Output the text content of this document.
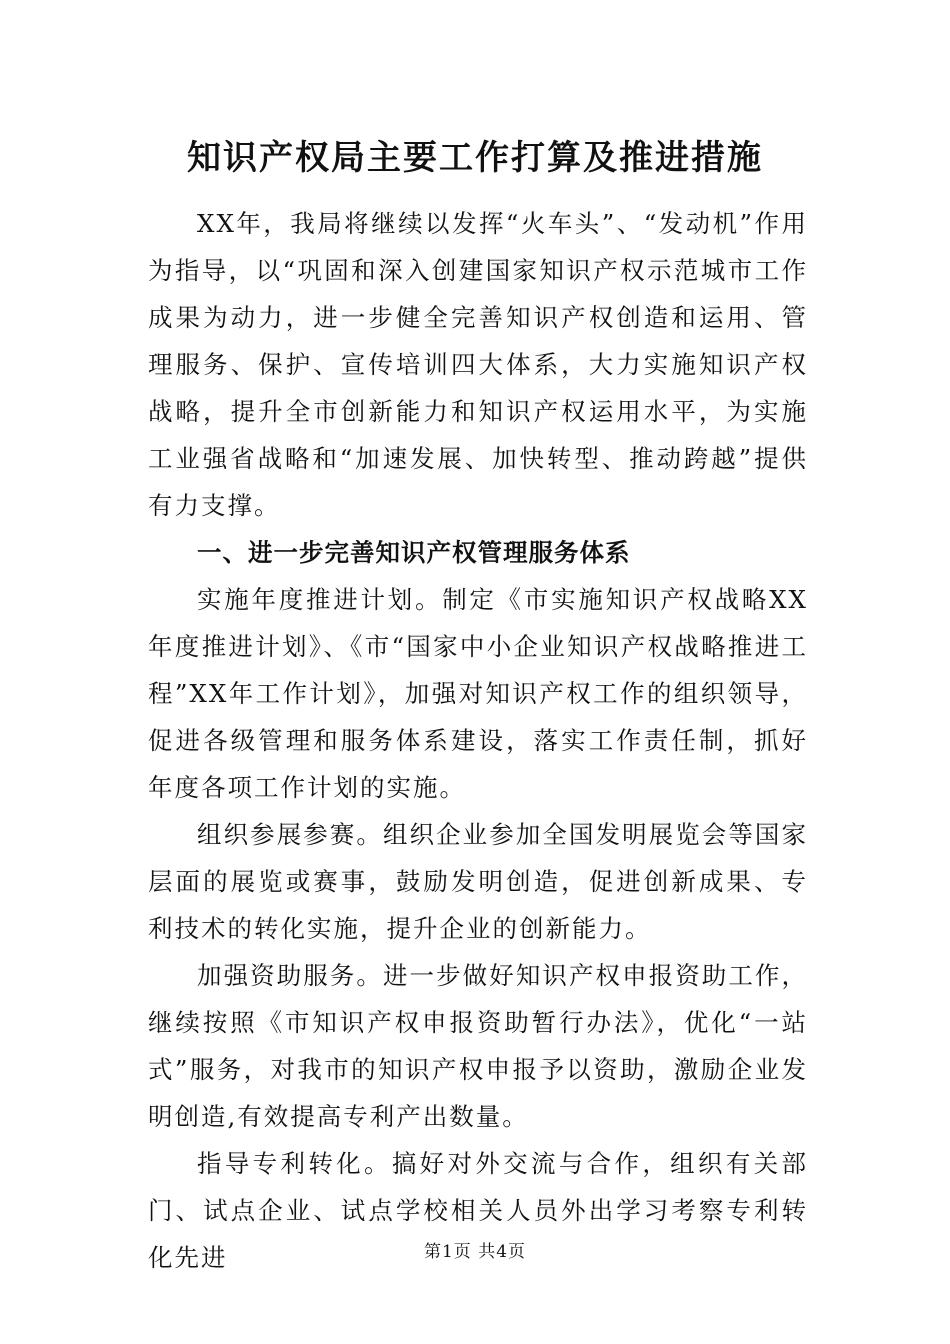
知识产权局主要工作打算及推进措施

XX年，我局将继续以发挥“火车头”、“发动机”作用为指导，以“巩固和深入创建国家知识产权示范城市工作成果为动力，进一步健全完善知识产权创造和运用、管理服务、保护、宣传培训四大体系，大力实施知识产权战略，提升全市创新能力和知识产权运用水平，为实施工业强省战略和“加速发展、加快转型、推动跨越”提供有力支撑。

一、进一步完善知识产权管理服务体系

实施年度推进计划。制定《市实施知识产权战略XX年度推进计划》、《市“国家中小企业知识产权战略推进工程”XX年工作计划》，加强对知识产权工作的组织领导，促进各级管理和服务体系建设，落实工作责任制，抓好年度各项工作计划的实施。

组织参展参赛。组织企业参加全国发明展览会等国家层面的展览或赛事，鼓励发明创造，促进创新成果、专利技术的转化实施，提升企业的创新能力。

加强资助服务。进一步做好知识产权申报资助工作，继续按照《市知识产权申报资助暂行办法》，优化“一站式”服务，对我市的知识产权申报予以资助，激励企业发明创造,有效提高专利产出数量。

指导专利转化。搞好对外交流与合作，组织有关部门、试点企业、试点学校相关人员外出学习考察专利转化先进	第1页 共4页
